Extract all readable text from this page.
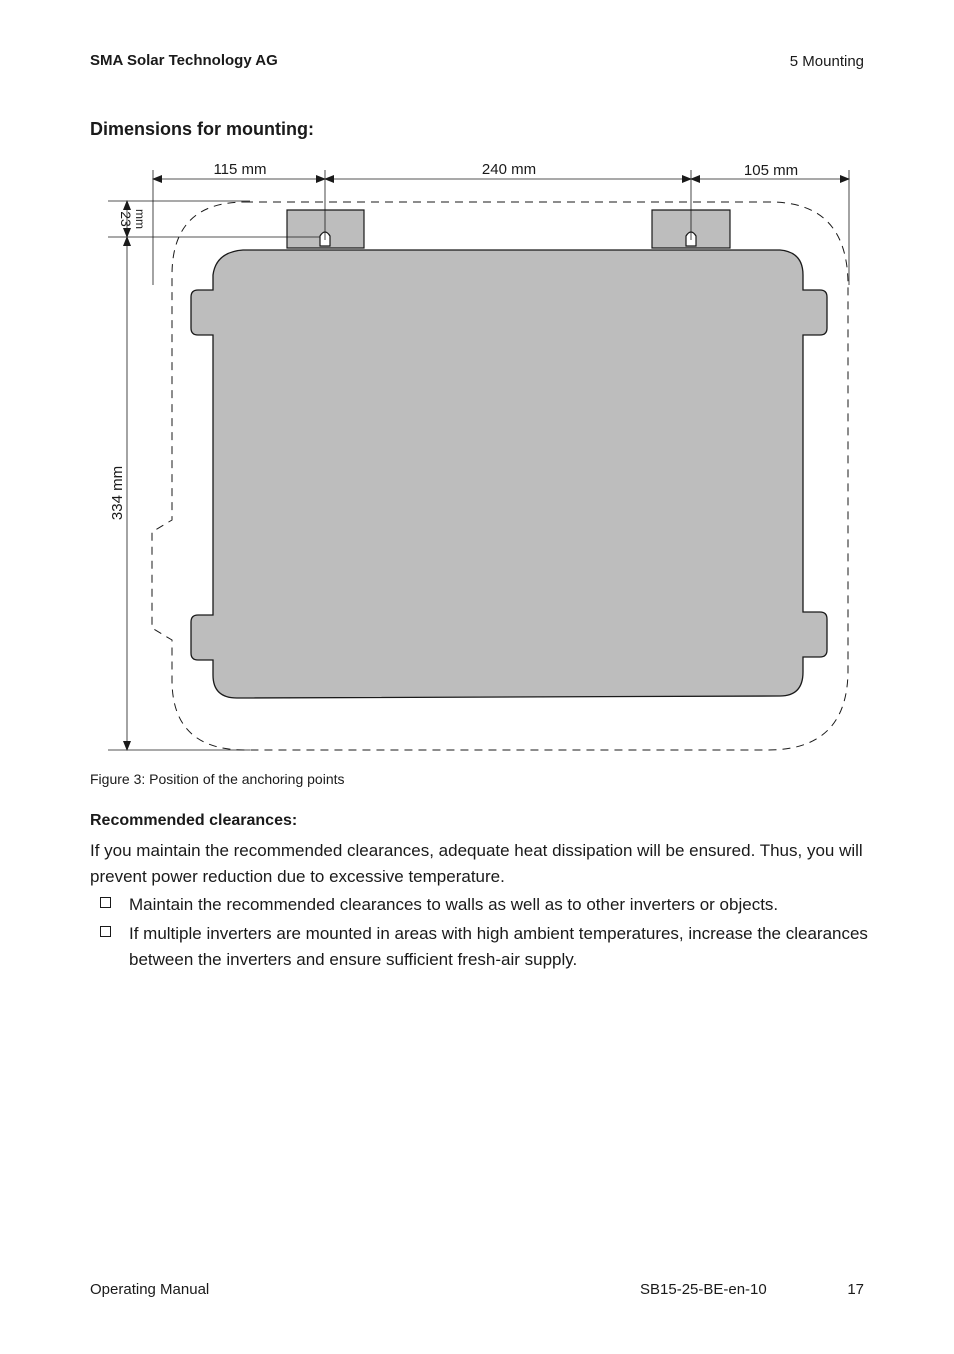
SMA Solar Technology AG	5 Mounting
Dimensions for mounting:
115 mm	240 mm	105 mm
23 mm
334 mm
Figure 3: Position of the anchoring points
Recommended clearances:
If you maintain the recommended clearances, adequate heat dissipation will be ensured. Thus, you will prevent power reduction due to excessive temperature.
Maintain the recommended clearances to walls as well as to other inverters or objects.
If multiple inverters are mounted in areas with high ambient temperatures, increase the clearances between the inverters and ensure sufficient fresh-air supply.
Operating Manual	SB15-25-BE-en-10	17
